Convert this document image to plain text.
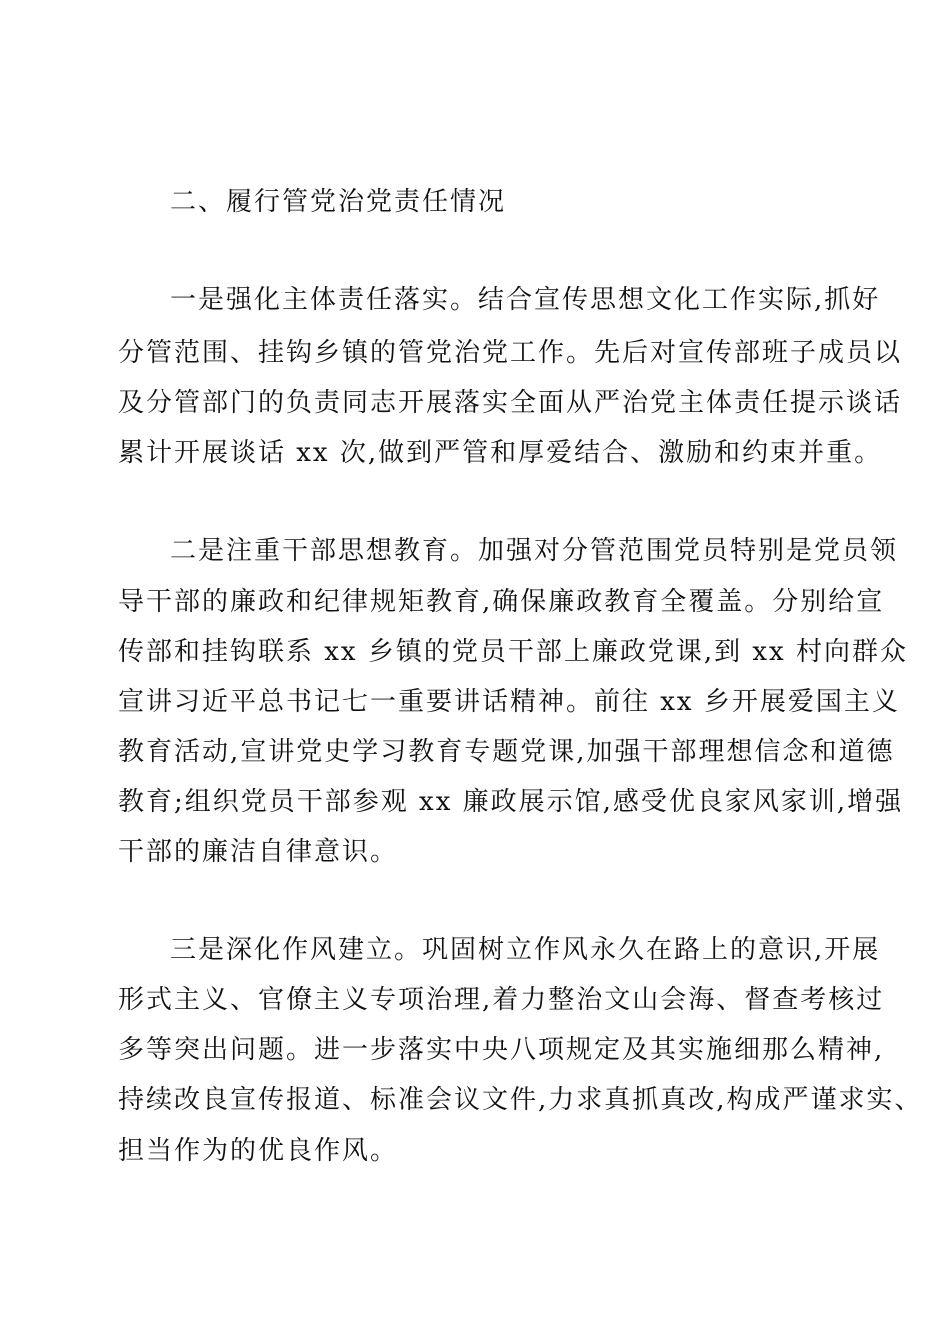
二、履行管党治党责任情况
一是强化主体责任落实。结合宣传思想文化工作实际,抓好
分管范围、挂钩乡镇的管党治党工作。先后对宣传部班子成员以
及分管部门的负责同志开展落实全面从严治党主体责任提示谈话
累计开展谈话 xx 次,做到严管和厚爱结合、激励和约束并重。
二是注重干部思想教育。加强对分管范围党员特别是党员领
导干部的廉政和纪律规矩教育,确保廉政教育全覆盖。分别给宣
传部和挂钩联系 xx 乡镇的党员干部上廉政党课,到 xx 村向群众
宣讲习近平总书记七一重要讲话精神。前往 xx 乡开展爱国主义
教育活动,宣讲党史学习教育专题党课,加强干部理想信念和道德
教育;组织党员干部参观 xx 廉政展示馆,感受优良家风家训,增强
干部的廉洁自律意识。
三是深化作风建立。巩固树立作风永久在路上的意识,开展
形式主义、官僚主义专项治理,着力整治文山会海、督查考核过
多等突出问题。进一步落实中央八项规定及其实施细那么精神,
持续改良宣传报道、标准会议文件,力求真抓真改,构成严谨求实、
担当作为的优良作风。
